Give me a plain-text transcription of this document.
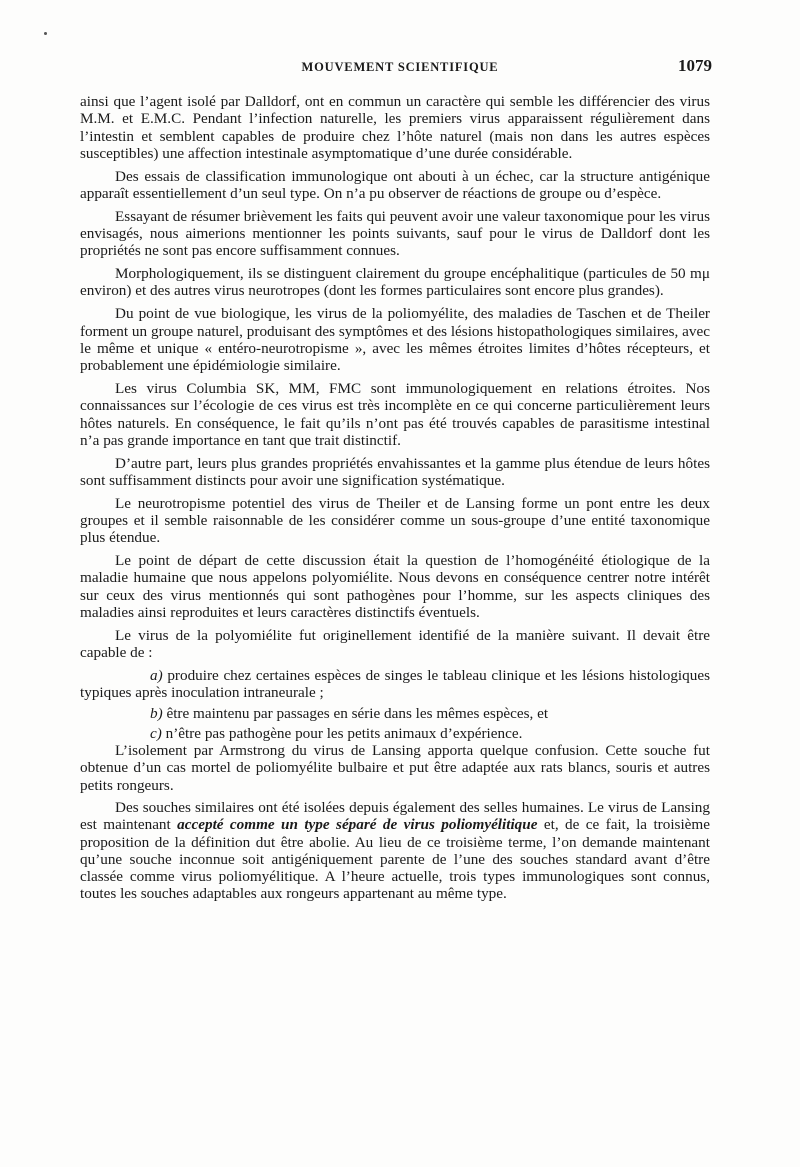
MOUVEMENT SCIENTIFIQUE	1079

ainsi que l’agent isolé par Dalldorf, ont en commun un caractère qui semble les différencier des virus M.M. et E.M.C. Pendant l’infection naturelle, les premiers virus apparaissent régulièrement dans l’intestin et semblent capables de produire chez l’hôte naturel (mais non dans les autres espèces susceptibles) une affection intestinale asymptomatique d’une durée considérable.

Des essais de classification immunologique ont abouti à un échec, car la structure antigénique apparaît essentiellement d’un seul type. On n’a pu observer de réactions de groupe ou d’espèce.

Essayant de résumer brièvement les faits qui peuvent avoir une valeur taxonomique pour les virus envisagés, nous aimerions mentionner les points suivants, sauf pour le virus de Dalldorf dont les propriétés ne sont pas encore suffisamment connues.

Morphologiquement, ils se distinguent clairement du groupe encéphalitique (particules de 50 mμ environ) et des autres virus neurotropes (dont les formes particulaires sont encore plus grandes).

Du point de vue biologique, les virus de la poliomyélite, des maladies de Taschen et de Theiler forment un groupe naturel, produisant des symptômes et des lésions histopathologiques similaires, avec le même et unique « entéro-neurotropisme », avec les mêmes étroites limites d’hôtes récepteurs, et probablement une épidémiologie similaire.

Les virus Columbia SK, MM, FMC sont immunologiquement en relations étroites. Nos connaissances sur l’écologie de ces virus est très incomplète en ce qui concerne particulièrement leurs hôtes naturels. En conséquence, le fait qu’ils n’ont pas été trouvés capables de parasitisme intestinal n’a pas grande importance en tant que trait distinctif.

D’autre part, leurs plus grandes propriétés envahissantes et la gamme plus étendue de leurs hôtes sont suffisamment distincts pour avoir une signification systématique.

Le neurotropisme potentiel des virus de Theiler et de Lansing forme un pont entre les deux groupes et il semble raisonnable de les considérer comme un sous-groupe d’une entité taxonomique plus étendue.

Le point de départ de cette discussion était la question de l’homogénéité étiologique de la maladie humaine que nous appelons polyomiélite. Nous devons en conséquence centrer notre intérêt sur ceux des virus mentionnés qui sont pathogènes pour l’homme, sur les aspects cliniques des maladies ainsi reproduites et leurs caractères distinctifs éventuels.

Le virus de la polyomiélite fut originellement identifié de la manière suivant. Il devait être capable de :

a) produire chez certaines espèces de singes le tableau clinique et les lésions histologiques typiques après inoculation intraneurale ;

b) être maintenu par passages en série dans les mêmes espèces, et

c) n’être pas pathogène pour les petits animaux d’expérience.

L’isolement par Armstrong du virus de Lansing apporta quelque confusion. Cette souche fut obtenue d’un cas mortel de poliomyélite bulbaire et put être adaptée aux rats blancs, souris et autres petits rongeurs.

Des souches similaires ont été isolées depuis également des selles humaines. Le virus de Lansing est maintenant accepté comme un type séparé de virus poliomyélitique et, de ce fait, la troisième proposition de la définition dut être abolie. Au lieu de ce troisième terme, l’on demande maintenant qu’une souche inconnue soit antigéniquement parente de l’une des souches standard avant d’être classée comme virus poliomyélitique. A l’heure actuelle, trois types immunologiques sont connus, toutes les souches adaptables aux rongeurs appartenant au même type.
